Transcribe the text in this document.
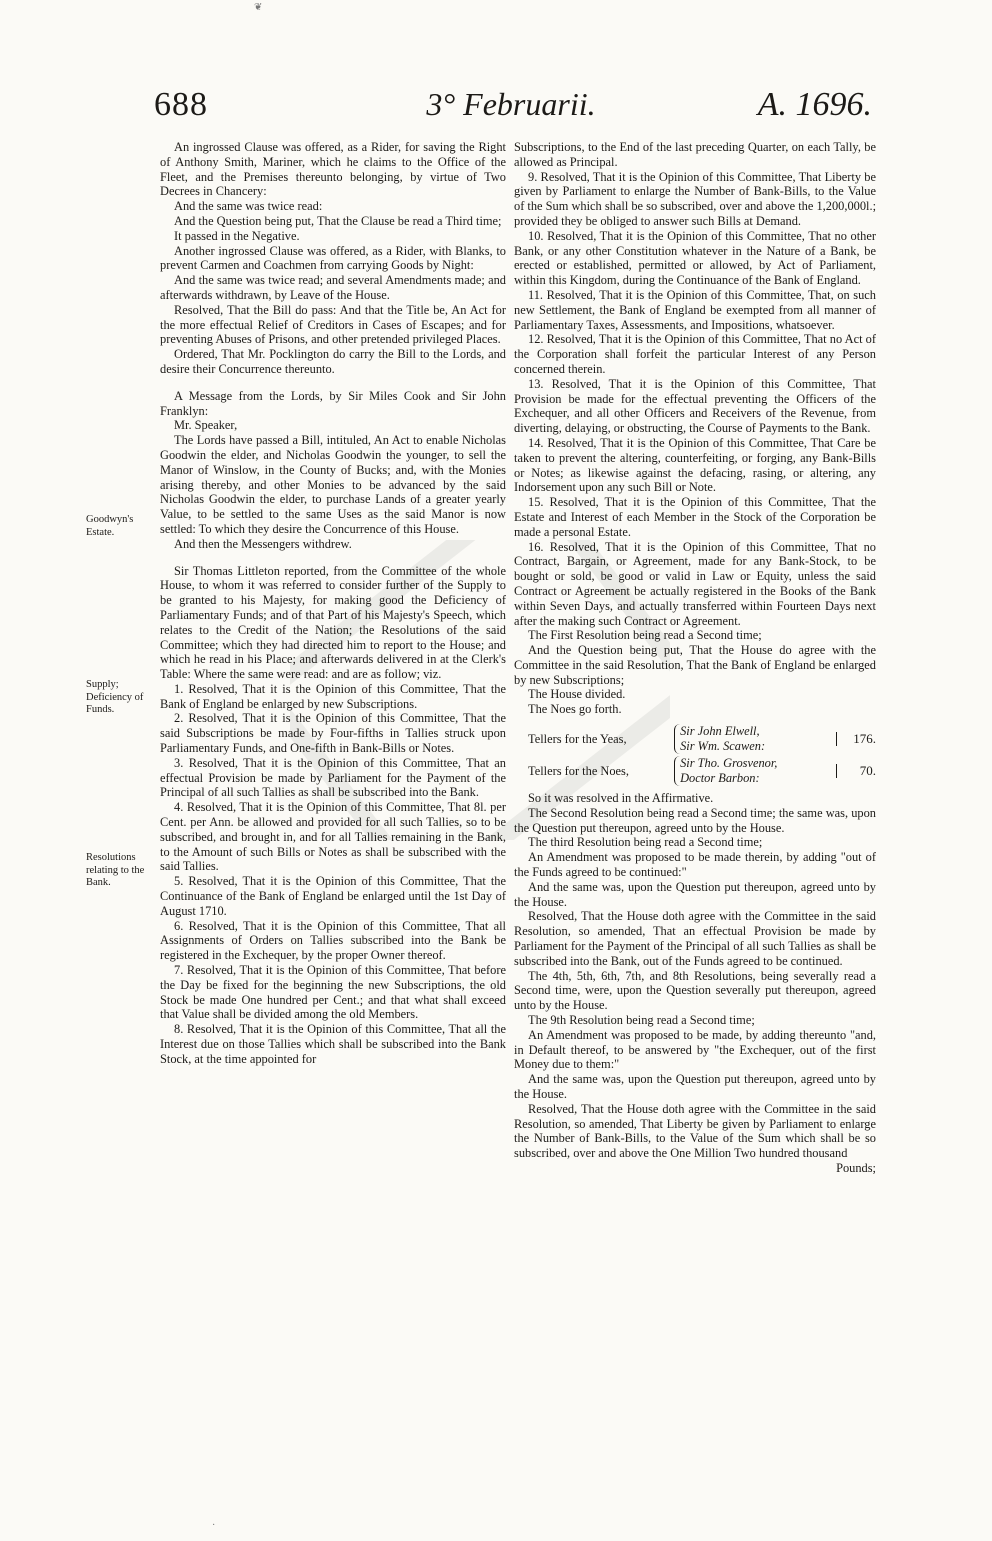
688	3° Februarii.	A. 1696.
Goodwyn's Estate.
Supply; Deficiency of Funds.
Resolutions relating to the Bank.

An ingrossed Clause was offered, as a Rider, for saving the Right of Anthony Smith, Mariner, which he claims to the Office of the Fleet, and the Premises thereunto belonging, by virtue of Two Decrees in Chancery:

And the same was twice read:

And the Question being put, That the Clause be read a Third time;

It passed in the Negative.

Another ingrossed Clause was offered, as a Rider, with Blanks, to prevent Carmen and Coachmen from carrying Goods by Night:

And the same was twice read; and several Amendments made; and afterwards withdrawn, by Leave of the House.

Resolved, That the Bill do pass: And that the Title be, An Act for the more effectual Relief of Creditors in Cases of Escapes; and for preventing Abuses of Prisons, and other pretended privileged Places.

Ordered, That Mr. Pocklington do carry the Bill to the Lords, and desire their Concurrence thereunto.

A Message from the Lords, by Sir Miles Cook and Sir John Franklyn:

Mr. Speaker,

The Lords have passed a Bill, intituled, An Act to enable Nicholas Goodwin the elder, and Nicholas Goodwin the younger, to sell the Manor of Winslow, in the County of Bucks; and, with the Monies arising thereby, and other Monies to be advanced by the said Nicholas Goodwin the elder, to purchase Lands of a greater yearly Value, to be settled to the same Uses as the said Manor is now settled: To which they desire the Concurrence of this House.

And then the Messengers withdrew.

Sir Thomas Littleton reported, from the Committee of the whole House, to whom it was referred to consider further of the Supply to be granted to his Majesty, for making good the Deficiency of Parliamentary Funds; and of that Part of his Majesty's Speech, which relates to the Credit of the Nation; the Resolutions of the said Committee; which they had directed him to report to the House; and which he read in his Place; and afterwards delivered in at the Clerk's Table: Where the same were read: and are as follow; viz.

1. Resolved, That it is the Opinion of this Committee, That the Bank of England be enlarged by new Subscriptions.

2. Resolved, That it is the Opinion of this Committee, That the said Subscriptions be made by Four-fifths in Tallies struck upon Parliamentary Funds, and One-fifth in Bank-Bills or Notes.

3. Resolved, That it is the Opinion of this Committee, That an effectual Provision be made by Parliament for the Payment of the Principal of all such Tallies as shall be subscribed into the Bank.

4. Resolved, That it is the Opinion of this Committee, That 8l. per Cent. per Ann. be allowed and provided for all such Tallies, so to be subscribed, and brought in, and for all Tallies remaining in the Bank, to the Amount of such Bills or Notes as shall be subscribed with the said Tallies.

5. Resolved, That it is the Opinion of this Committee, That the Continuance of the Bank of England be enlarged until the 1st Day of August 1710.

6. Resolved, That it is the Opinion of this Committee, That all Assignments of Orders on Tallies subscribed into the Bank be registered in the Exchequer, by the proper Owner thereof.

7. Resolved, That it is the Opinion of this Committee, That before the Day be fixed for the beginning the new Subscriptions, the old Stock be made One hundred per Cent.; and that what shall exceed that Value shall be divided among the old Members.

8. Resolved, That it is the Opinion of this Committee, That all the Interest due on those Tallies which shall be subscribed into the Bank Stock, at the time appointed for

Subscriptions, to the End of the last preceding Quarter, on each Tally, be allowed as Principal.

9. Resolved, That it is the Opinion of this Committee, That Liberty be given by Parliament to enlarge the Number of Bank-Bills, to the Value of the Sum which shall be so subscribed, over and above the 1,200,000l.; provided they be obliged to answer such Bills at Demand.

10. Resolved, That it is the Opinion of this Committee, That no other Bank, or any other Constitution whatever in the Nature of a Bank, be erected or established, permitted or allowed, by Act of Parliament, within this Kingdom, during the Continuance of the Bank of England.

11. Resolved, That it is the Opinion of this Committee, That, on such new Settlement, the Bank of England be exempted from all manner of Parliamentary Taxes, Assessments, and Impositions, whatsoever.

12. Resolved, That it is the Opinion of this Committee, That no Act of the Corporation shall forfeit the particular Interest of any Person concerned therein.

13. Resolved, That it is the Opinion of this Committee, That Provision be made for the effectual preventing the Officers of the Exchequer, and all other Officers and Receivers of the Revenue, from diverting, delaying, or obstructing, the Course of Payments to the Bank.

14. Resolved, That it is the Opinion of this Committee, That Care be taken to prevent the altering, counterfeiting, or forging, any Bank-Bills or Notes; as likewise against the defacing, rasing, or altering, any Indorsement upon any such Bill or Note.

15. Resolved, That it is the Opinion of this Committee, That the Estate and Interest of each Member in the Stock of the Corporation be made a personal Estate.

16. Resolved, That it is the Opinion of this Committee, That no Contract, Bargain, or Agreement, made for any Bank-Stock, to be bought or sold, be good or valid in Law or Equity, unless the said Contract or Agreement be actually registered in the Books of the Bank within Seven Days, and actually transferred within Fourteen Days next after the making such Contract or Agreement.

The First Resolution being read a Second time;

And the Question being put, That the House do agree with the Committee in the said Resolution, That the Bank of England be enlarged by new Subscriptions;

The House divided.

The Noes go forth.

Tellers for the Yeas,
Sir John Elwell,
Sir Wm. Scawen:
176.
Tellers for the Noes,
Sir Tho. Grosvenor,
Doctor Barbon:
70.

So it was resolved in the Affirmative.

The Second Resolution being read a Second time; the same was, upon the Question put thereupon, agreed unto by the House.

The third Resolution being read a Second time;

An Amendment was proposed to be made therein, by adding "out of the Funds agreed to be continued:"

And the same was, upon the Question put thereupon, agreed unto by the House.

Resolved, That the House doth agree with the Committee in the said Resolution, so amended, That an effectual Provision be made by Parliament for the Payment of the Principal of all such Tallies as shall be subscribed into the Bank, out of the Funds agreed to be continued.

The 4th, 5th, 6th, 7th, and 8th Resolutions, being severally read a Second time, were, upon the Question severally put thereupon, agreed unto by the House.

The 9th Resolution being read a Second time;

An Amendment was proposed to be made, by adding thereunto "and, in Default thereof, to be answered by "the Exchequer, out of the first Money due to them:"

And the same was, upon the Question put thereupon, agreed unto by the House.

Resolved, That the House doth agree with the Committee in the said Resolution, so amended, That Liberty be given by Parliament to enlarge the Number of Bank-Bills, to the Value of the Sum which shall be so subscribed, over and above the One Million Two hundred thousand

Pounds;

❦
·
